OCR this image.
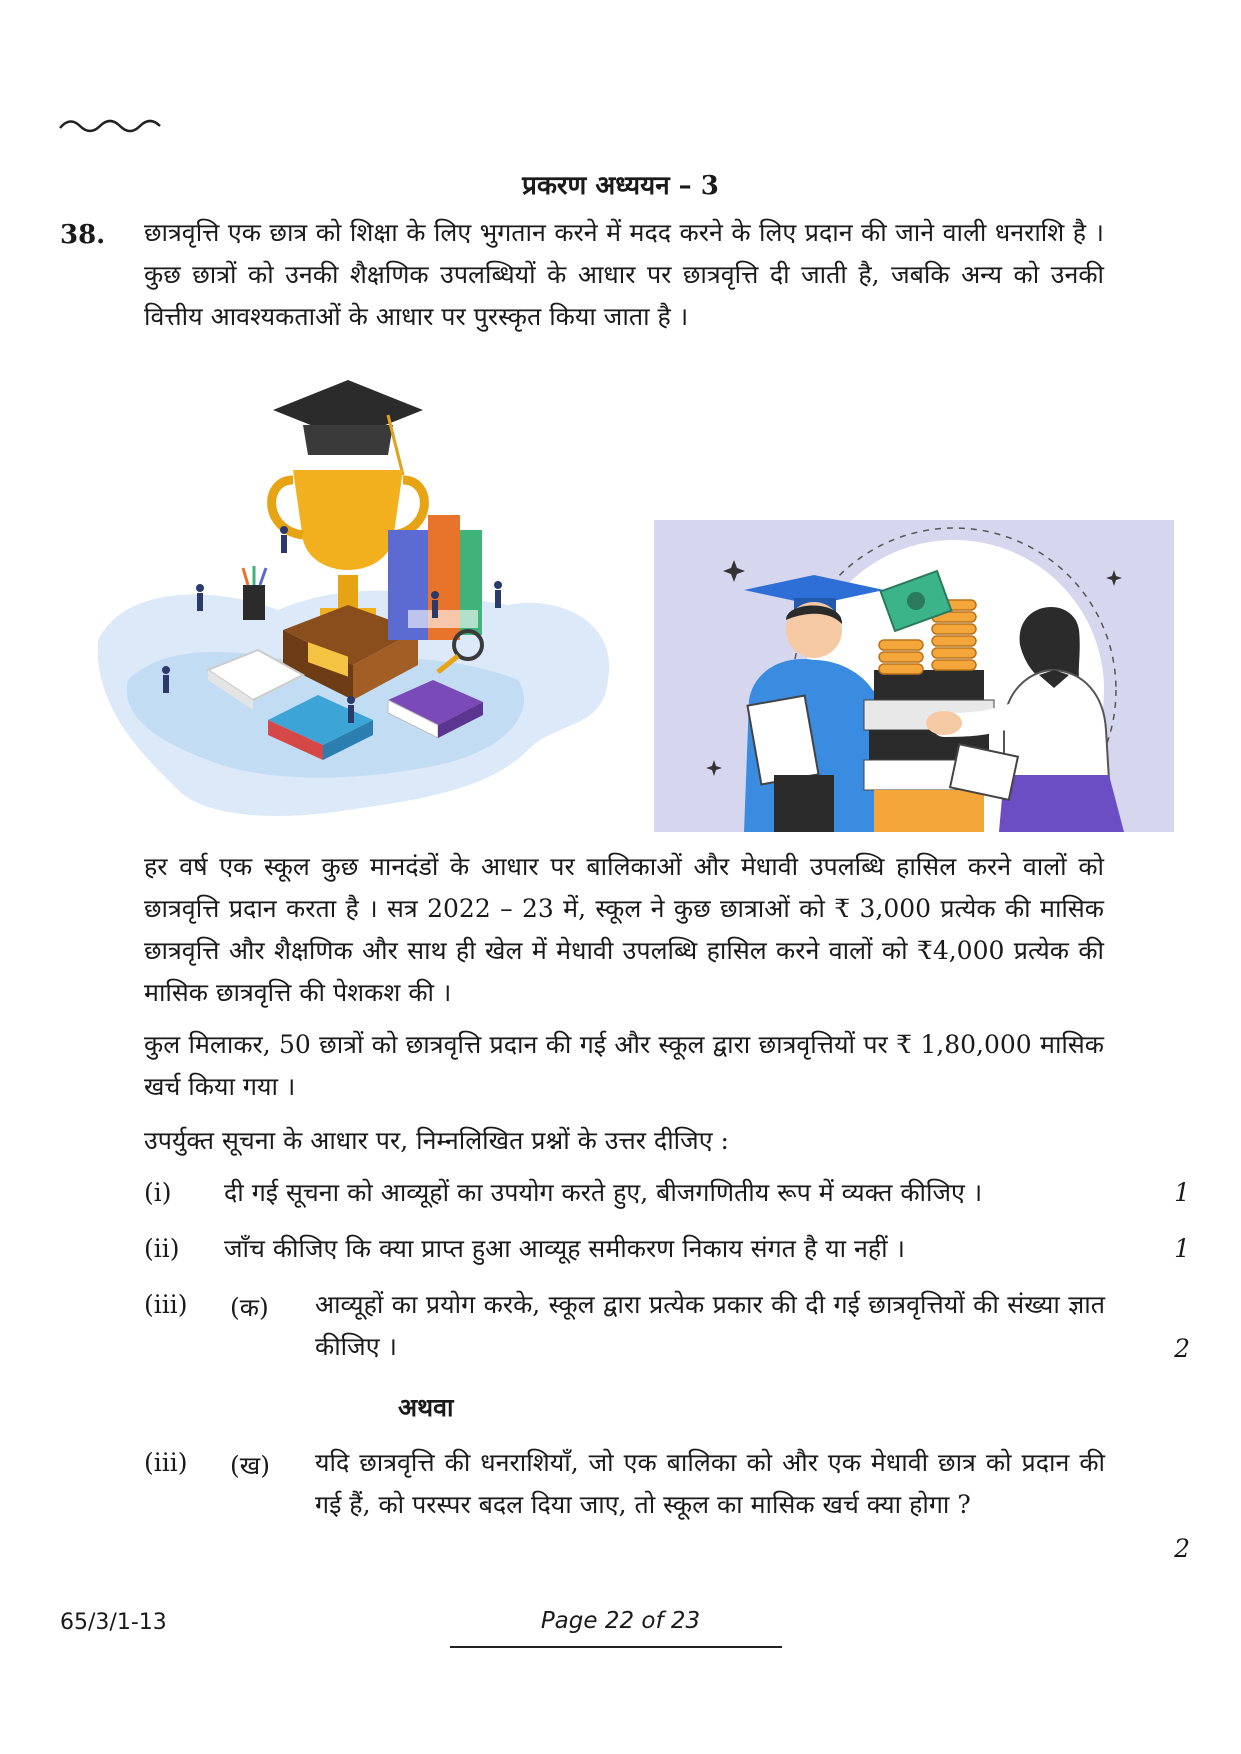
प्रकरण अध्ययन – 3
38. छात्रवृत्ति एक छात्र को शिक्षा के लिए भुगतान करने में मदद करने के लिए प्रदान की जाने वाली धनराशि है । कुछ छात्रों को उनकी शैक्षणिक उपलब्धियों के आधार पर छात्रवृत्ति दी जाती है, जबकि अन्य को उनकी वित्तीय आवश्यकताओं के आधार पर पुरस्कृत किया जाता है ।

हर वर्ष एक स्कूल कुछ मानदंडों के आधार पर बालिकाओं और मेधावी उपलब्धि हासिल करने वालों को छात्रवृत्ति प्रदान करता है । सत्र 2022 – 23 में, स्कूल ने कुछ छात्राओं को ₹ 3,000 प्रत्येक की मासिक छात्रवृत्ति और शैक्षणिक और साथ ही खेल में मेधावी उपलब्धि हासिल करने वालों को ₹4,000 प्रत्येक की मासिक छात्रवृत्ति की पेशकश की ।

कुल मिलाकर, 50 छात्रों को छात्रवृत्ति प्रदान की गई और स्कूल द्वारा छात्रवृत्तियों पर ₹ 1,80,000 मासिक खर्च किया गया ।

उपर्युक्त सूचना के आधार पर, निम्नलिखित प्रश्नों के उत्तर दीजिए :

(i) दी गई सूचना को आव्यूहों का उपयोग करते हुए, बीजगणितीय रूप में व्यक्त कीजिए ।	1
(ii) जाँच कीजिए कि क्या प्राप्त हुआ आव्यूह समीकरण निकाय संगत है या नहीं ।	1
(iii) (क) आव्यूहों का प्रयोग करके, स्कूल द्वारा प्रत्येक प्रकार की दी गई छात्रवृत्तियों की संख्या ज्ञात कीजिए ।	2
अथवा
(iii) (ख) यदि छात्रवृत्ति की धनराशियाँ, जो एक बालिका को और एक मेधावी छात्र को प्रदान की गई हैं, को परस्पर बदल दिया जाए, तो स्कूल का मासिक खर्च क्या होगा ?
2
65/3/1-13	Page 22 of 23
